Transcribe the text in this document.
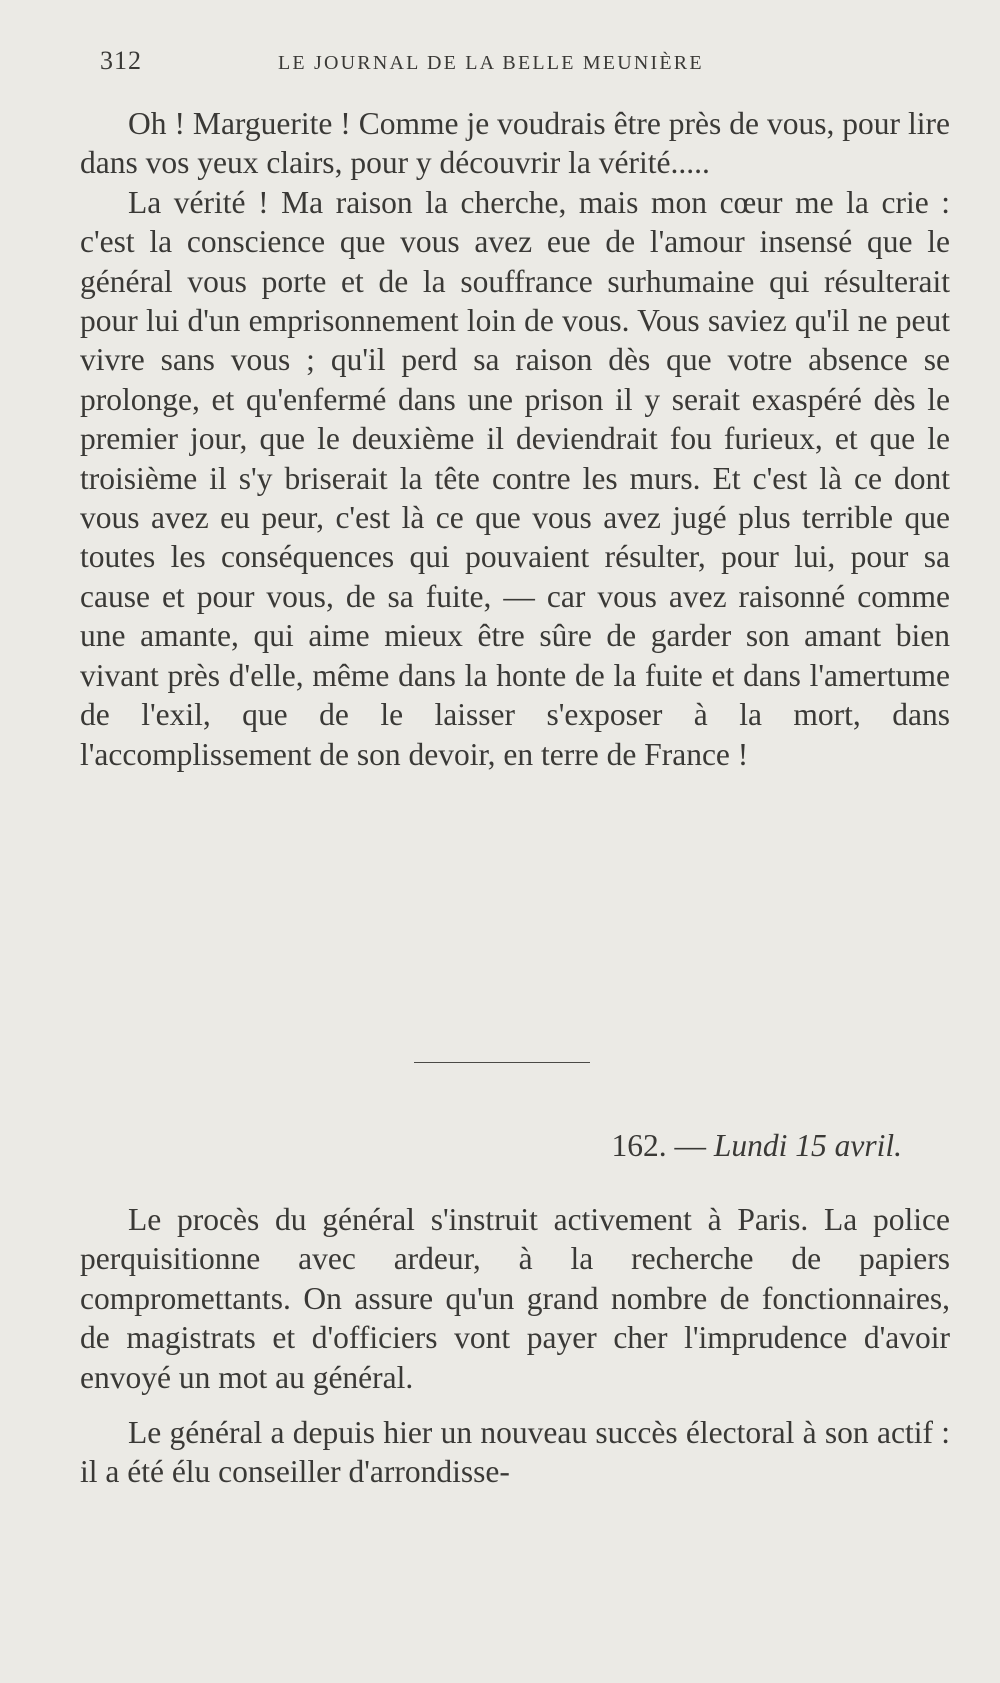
312	LE JOURNAL DE LA BELLE MEUNIÈRE

Oh ! Marguerite ! Comme je voudrais être près de vous, pour lire dans vos yeux clairs, pour y découvrir la vérité.....

La vérité ! Ma raison la cherche, mais mon cœur me la crie : c'est la conscience que vous avez eue de l'amour insensé que le général vous porte et de la souffrance surhumaine qui résulterait pour lui d'un emprisonnement loin de vous. Vous saviez qu'il ne peut vivre sans vous ; qu'il perd sa raison dès que votre absence se prolonge, et qu'enfermé dans une prison il y serait exaspéré dès le premier jour, que le deuxième il deviendrait fou furieux, et que le troisième il s'y briserait la tête contre les murs. Et c'est là ce dont vous avez eu peur, c'est là ce que vous avez jugé plus terrible que toutes les conséquences qui pouvaient résulter, pour lui, pour sa cause et pour vous, de sa fuite, — car vous avez raisonné comme une amante, qui aime mieux être sûre de garder son amant bien vivant près d'elle, même dans la honte de la fuite et dans l'amertume de l'exil, que de le laisser s'exposer à la mort, dans l'accomplissement de son devoir, en terre de France !

162. — Lundi 15 avril.

Le procès du général s'instruit activement à Paris. La police perquisitionne avec ardeur, à la recherche de papiers compromettants. On assure qu'un grand nombre de fonctionnaires, de magistrats et d'officiers vont payer cher l'imprudence d'avoir envoyé un mot au général.

Le général a depuis hier un nouveau succès électoral à son actif : il a été élu conseiller d'arrondisse-
